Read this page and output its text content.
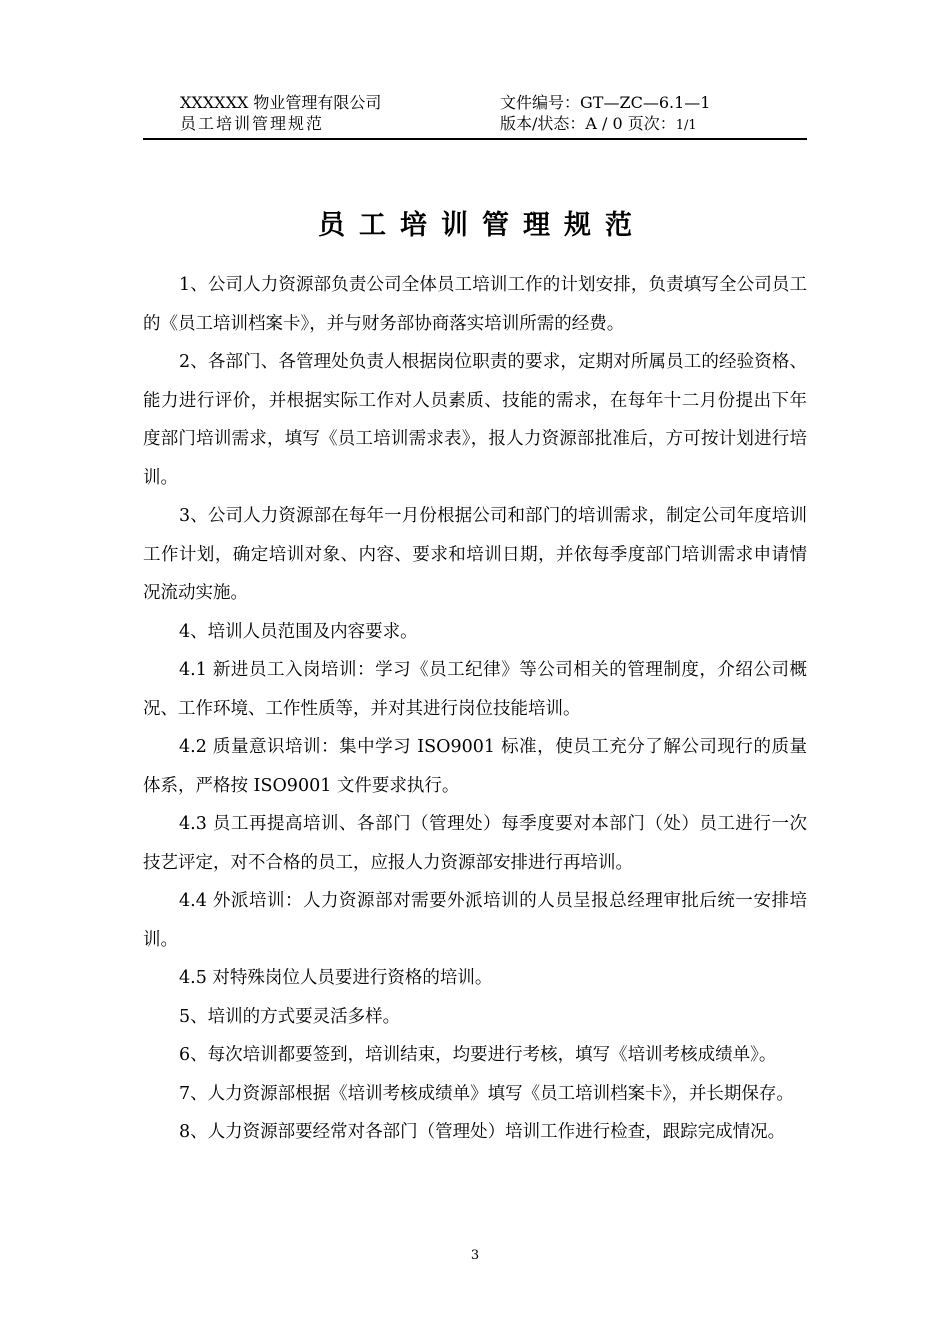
XXXXXX 物业管理有限公司	文件编号：GT—ZC—6.1—1
员工培训管理规范	版本/状态：A / 0 页次：1/1
员工培训管理规范

1、公司人力资源部负责公司全体员工培训工作的计划安排，负责填写全公司员工的《员工培训档案卡》，并与财务部协商落实培训所需的经费。

2、各部门、各管理处负责人根据岗位职责的要求，定期对所属员工的经验资格、能力进行评价，并根据实际工作对人员素质、技能的需求，在每年十二月份提出下年度部门培训需求，填写《员工培训需求表》，报人力资源部批准后，方可按计划进行培训。

3、公司人力资源部在每年一月份根据公司和部门的培训需求，制定公司年度培训工作计划，确定培训对象、内容、要求和培训日期，并依每季度部门培训需求申请情况流动实施。

4、培训人员范围及内容要求。

4.1 新进员工入岗培训：学习《员工纪律》等公司相关的管理制度，介绍公司概况、工作环境、工作性质等，并对其进行岗位技能培训。

4.2 质量意识培训：集中学习 ISO9001 标准，使员工充分了解公司现行的质量体系，严格按 ISO9001 文件要求执行。

4.3 员工再提高培训、各部门（管理处）每季度要对本部门（处）员工进行一次技艺评定，对不合格的员工，应报人力资源部安排进行再培训。

4.4 外派培训：人力资源部对需要外派培训的人员呈报总经理审批后统一安排培训。

4.5 对特殊岗位人员要进行资格的培训。

5、培训的方式要灵活多样。

6、每次培训都要签到，培训结束，均要进行考核，填写《培训考核成绩单》。

7、人力资源部根据《培训考核成绩单》填写《员工培训档案卡》，并长期保存。

8、人力资源部要经常对各部门（管理处）培训工作进行检查，跟踪完成情况。

3
